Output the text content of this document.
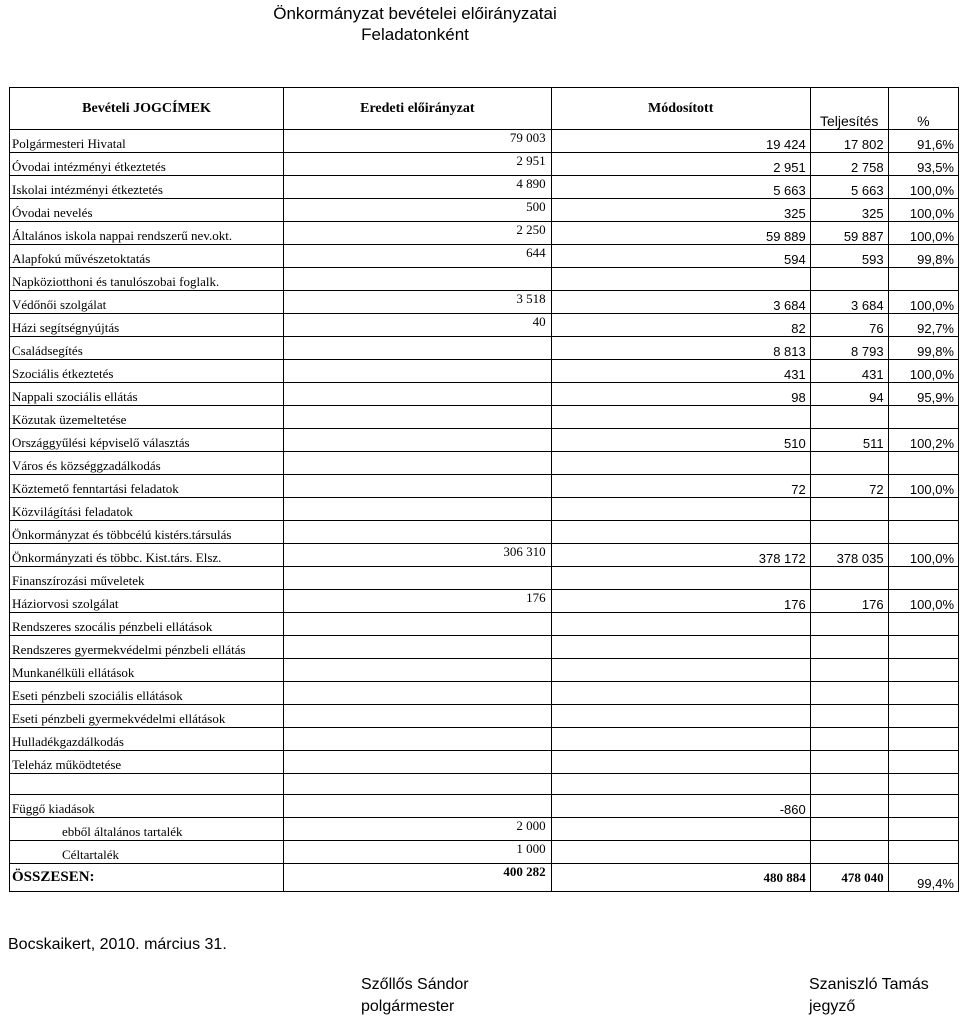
Önkormányzat bevételei előirányzatai
Feladatonként
Bevételi JOGCÍMEK	Eredeti előirányzat	Módosított	Teljesítés	%
Polgármesteri Hivatal	79 003	19 424	17 802	91,6%
Óvodai intézményi étkeztetés	2 951	2 951	2 758	93,5%
Iskolai intézményi étkeztetés	4 890	5 663	5 663	100,0%
Óvodai nevelés	500	325	325	100,0%
Általános iskola nappai rendszerű nev.okt.	2 250	59 889	59 887	100,0%
Alapfokú művészetoktatás	644	594	593	99,8%
Napköziotthoni és tanulószobai foglalk.				
Védőnői szolgálat	3 518	3 684	3 684	100,0%
Házi segítségnyújtás	40	82	76	92,7%
Családsegítés		8 813	8 793	99,8%
Szociális étkeztetés		431	431	100,0%
Nappali szociális ellátás		98	94	95,9%
Közutak üzemeltetése				
Országgyűlési képviselő választás		510	511	100,2%
Város és községgzadálkodás				
Köztemető fenntartási feladatok		72	72	100,0%
Közvilágítási feladatok				
Önkormányzat és többcélú kistérs.társulás				
Önkormányzati és többc. Kist.társ. Elsz.	306 310	378 172	378 035	100,0%
Finanszírozási műveletek				
Háziorvosi szolgálat	176	176	176	100,0%
Rendszeres szocális pénzbeli ellátások				
Rendszeres gyermekvédelmi pénzbeli ellátás				
Munkanélküli ellátások				
Eseti pénzbeli szociális ellátások				
Eseti pénzbeli gyermekvédelmi ellátások				
Hulladékgazdálkodás				
Teleház működtetése				

Függő kiadások		-860		
ebből általános tartalék	2 000			
Céltartalék	1 000			
ÖSSZESEN:	400 282	480 884	478 040	99,4%
Bocskaikert, 2010. március 31.
Szőllős Sándor
polgármester
Szaniszló Tamás
jegyző
